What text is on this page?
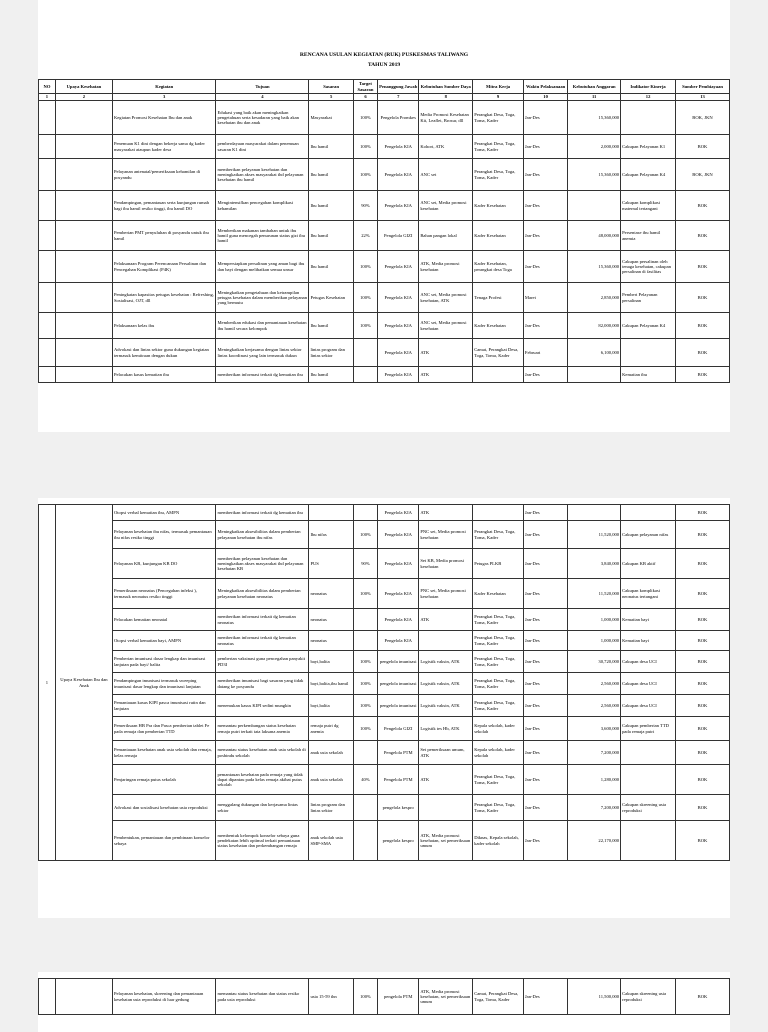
RENCANA USULAN KEGIATAN (RUK) PUSKESMAS TALIWANG
TAHUN 2019
NO	Upaya Kesehatan	Kegiatan	Tujuan	Sasaran	Target Sasaran	Penanggung Jawab	Kebutuhan Sumber Daya	Mitra Kerja	Waktu Pelaksanaan	Kebutuhan Anggaran	Indikator Kinerja	Sumber Pembiayaan
1	2	3	4	5	6	7	8	9	10	11	12	13
		Kegiatan Promosi Kesehatan Ibu dan anak	Edukasi yang baik akan meningkatkan pengetahuan serta kesadaran yang baik akan kesehatan ibu dan anak	Masyarakat	100%	Pengelola Promkes	Media Promosi Kesehatan Kit, Leaflet, Brosur, dll	Perangkat Desa, Toga, Toma, Kader	Jan-Des	15,360,000		BOK, JKN
		Penemuan K1 dini dengan bekerja sama dg kader masyarakat ataupun kader desa	pemberdayaan masyarakat dalam penemuan sasaran K1 dini	Ibu hamil	100%	Pengelola KIA	Kohort, ATK	Perangkat Desa, Toga, Toma, Kader	Jan-Des	2,000,000	Cakupan Pelayanan K1	BOK
		Pelayanan antenatal/pemeriksaan kehamilan di posyandu	memberikan pelayanan kesehatan dan meningkatkan akses masyarakat thd pelayanan kesehatan ibu hamil	Ibu hamil	100%	Pengelola KIA	ANC set	Perangkat Desa, Toga, Toma, Kader	Jan-Des	15,360,000	Cakupan Pelayanan K4	BOK, JKN
		Pendampingan, pemantauan serta kunjungan rumah bagi ibu hamil resiko tinggi, ibu hamil DO	Mengintensifkan pencegahan komplikasi kehamilan	Ibu hamil	90%	Pengelola KIA	ANC set, Media promosi kesehatan	Kader Kesehatan	Jan-Des		Cakupan komplikasi maternal tertangani	BOK
		Pemberian PMT penyuluhan di posyandu untuk ibu hamil	Memberikan makanan tambahan untuk ibu hamil guna mencegah penurunan status gizi ibu hamil	Ibu hamil	22%	Pengelola GIZI	Bahan pangan lokal	Kader Kesehatan	Jan-Des	48,000,000	Persentase ibu hamil anemia	BOK
		Pelaksanaan Program Perencanaan Persalinan dan Pencegahan Komplikasi (P4K)	Mempersiapkan persalinan yang aman bagi ibu dan bayi dengan melibatkan semua unsur	Ibu hamil	100%	Pengelola KIA	ATK, Media promosi kesehatan	Kader Kesehatan, perangkat desa Toga	Jan-Des	15,360,000	Cakupan persalinan oleh tenaga kesehatan, cakupan persalinan di fasilitas	BOK
		Peningkatan kapasitas petugas kesehatan : Refreshing, Sosialisasi, OJT, dll	Meningkatkan pengetahuan dan ketrampilan petugas kesehatan dalam memberikan pelayanan yang bermutu	Petugas Kesehatan	100%	Pengelola KIA	ANC set, Media promosi kesehatan, ATK	Tenaga Profesi	Maret	2,850,000	Pemberi Pelayanan persalinan	BOK
		Pelaksanaan kelas ibu	Memberikan edukasi dan pemantauan kesehatan ibu hamil secara kelompok	Ibu hamil	100%	Pengelola KIA	ANC set, Media promosi kesehatan	Kader Kesehatan	Jan-Des	82,000,000	Cakupan Pelayanan K4	BOK
		Advokasi dan lintas sektor guna dukungan kegiatan termasuk kemitraan dengan dukun	Meningkatkan kerjasama dengan lintas sektor lintas koordinasi yang lain termasuk dukun	lintas program dan lintas sektor		Pengelola KIA	ATK	Camat, Perangkat Desa, Toga, Toma, Kader	Februari	6,100,000		BOK
		Pelacakan kasus kematian ibu	memberikan informasi terkait dg kematian ibu	Ibu hamil		Pengelola KIA	ATK		Jan-Des		Kematian ibu	BOK
1	Upaya Kesehatan Ibu dan Anak	Otopsi verbal kematian ibu, AMPN	memberikan informasi terkait dg kematian ibu			Pengelola KIA	ATK		Jan-Des			BOK
		Pelayanan kesehatan ibu nifas, termasuk pemantauan ibu nifas resiko tinggi	Meningkatkan aksesibilitas dalam pemberian pelayanan kesehatan ibu nifas	Ibu nifas	100%	Pengelola KIA	PNC set, Media promosi kesehatan	Perangkat Desa, Toga, Toma, Kader	Jan-Des	11,520,000	Cakupan pelayanan nifas	BOK
		Pelayanan KB, kunjungan KB DO	memberikan pelayanan kesehatan dan meningkatkan akses masyarakat thd pelayanan kesehatan KB	PUS	90%	Pengelola KIA	Set KB, Media promosi kesehatan	Petugas PLKB	Jan-Des	3,840,000	Cakupan KB aktif	BOK
		Pemeriksaan neonatus (Pencegahan infeksi ), termasuk neonatus resiko tinggi	Meningkatkan aksesibilitas dalam pemberian pelayanan kesehatan neonatus	neonatus	100%	Pengelola KIA	PNC set, Media promosi kesehatan	Kader Kesehatan	Jan-Des	11,520,000	Cakupan komplikasi neonatus tertangani	BOK
		Pelacakan kematian neonatal	memberikan informasi terkait dg kematian neonatus	neonatus		Pengelola KIA	ATK	Perangkat Desa, Toga, Toma, Kader	Jan-Des	1,000,000	Kematian bayi	BOK
		Otopsi verbal kematian bayi, AMPN	memberikan informasi terkait dg kematian neonatus	neonatus		Pengelola KIA		Perangkat Desa, Toga, Toma, Kader	Jan-Des	1,000,000	Kematian bayi	BOK
		Pemberian imunisasi dasar lengkap dan imunisasi lanjutan pada bayi/ balita	pemberian vaksinasi guna pencegahan panyakit PD3I	bayi,balita	100%	pengelola imunisasi	Logistik vaksin, ATK	Perangkat Desa, Toga, Toma, Kader	Jan-Des	30,720,000	Cakupan desa UCI	BOK
		Pendampingan imunisasi termasuk sweeping imunisasi dasar lengkap dan imunisasi lanjutan	memberikan imunisasi bagi sasaran yang tidak datang ke posyandu	bayi,balita,ibu hamil	100%	pengelola imunisasi	Logistik vaksin, ATK	Perangkat Desa, Toga, Toma, Kader	Jan-Des	2,560,000	Cakupan desa UCI	BOK
		Pemantauan kasus KIPI pasca imunisasi rutin dan lanjutan	menemukan kasus KIPI sedini mungkin	bayi,balita	100%	pengelola imunisasi	Logistik vaksin, ATK	Perangkat Desa, Toga, Toma, Kader	Jan-Des	2,560,000	Cakupan desa UCI	BOK
		Pemeriksaan HB Pra dan Pasca pemberian tablet Fe pada remaja dan pemberian TTD	memantau perkembangan status kesehatan remaja putri terkait tata laksana anemia	remaja putri dg anemia	100%	Pengelola GIZI	Logistik tes Hb, ATK	Kepala sekolah, kader sekolah	Jan-Des	3,600,000	Cakupan pemberian TTD pada remaja putri	BOK
		Pemantauan kesehatan anak usia sekolah dan remaja, kelas remaja	memantau status kesehatan anak usia sekolah di posbindu sekolah	anak usia sekolah		Pengelola PTM	Set pemeriksaan umum, ATK	Kepala sekolah, kader sekolah	Jan-Des	7,200,000		BOK
		Penjaringan remaja putus sekolah	pemantauan kesehatan pada remaja yang tidak dapat dipantau pada kelas remaja akibat putus sekolah	anak usia sekolah	40%	Pengelola PTM	ATK	Perangkat Desa, Toga, Toma, Kader	Jan-Des	1,280,000		BOK
		Advokasi dan sosialisasi kesehatan usia reproduksi	menggalang dukungan dan kerjasama lintas sektor	lintas program dan lintas sektor		pengelola kespro		Perangkat Desa, Toga, Toma, Kader	Jan-Des	7,200,000	Cakupan skreening usia reproduksi	BOK
		Pembentukan, pemantauan dan pembinaan konselor sebaya	membentuk kelompok konselor sebaya guna pendekatan lebih optimal terkait pemantauan status kesehatan dan perkembangan remaja	anak sekolah usia SMP-SMA		pengelola kespro	ATK, Media promosi kesehatan, set pemeriksaan umum	Diknas, Kepala sekolah, kader sekolah	Jan-Des	22,170,000		BOK
		Pelayanan kesehatan, skreening dan pemantauan kesehatan usia reproduksi di luar gedung	memantau status kesehatan dan status resiko pada usia reproduksi	usia 15-59 thn	100%	pengelola PTM	ATK, Media promosi kesehatan, set pemeriksaan umum	Camat, Perangkat Desa, Toga, Toma, Kader	Jan-Des	11,500,000	Cakupan skreening usia reproduksi	BOK
